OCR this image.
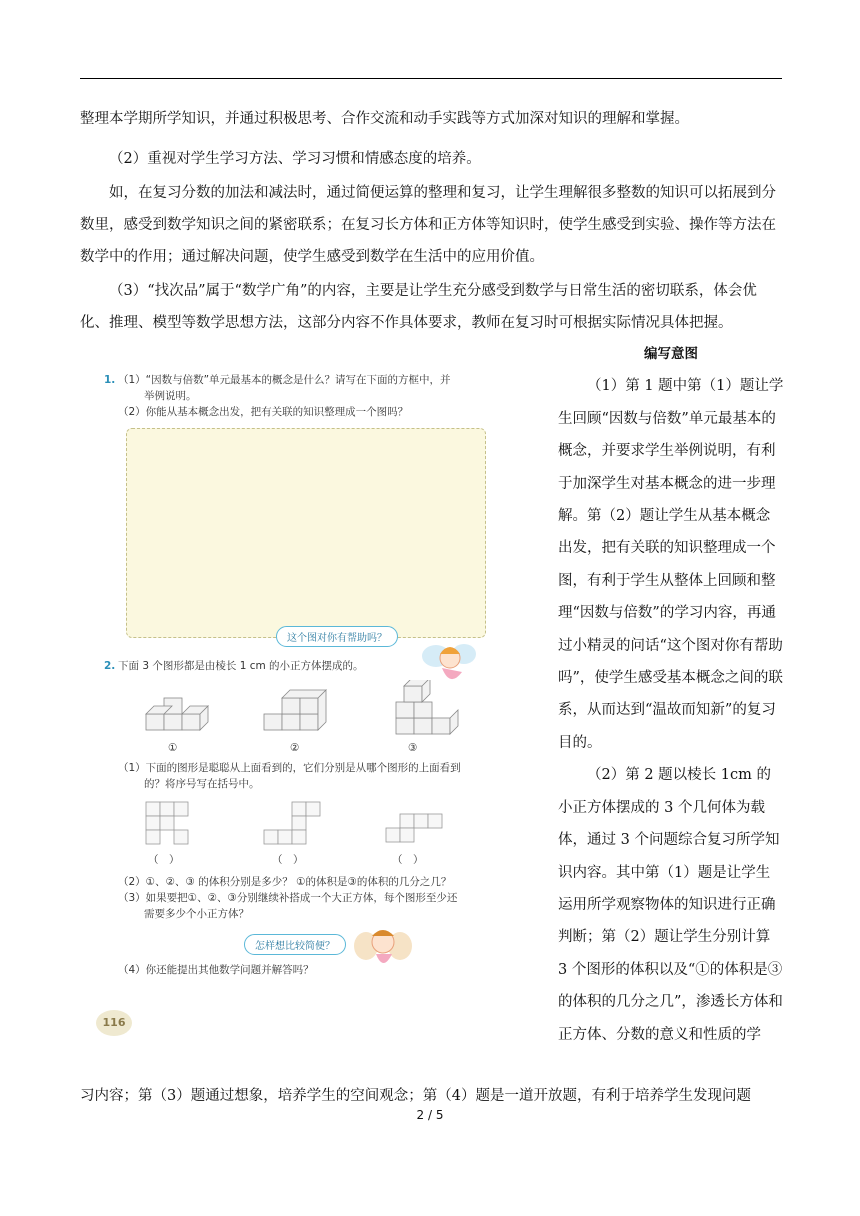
整理本学期所学知识，并通过积极思考、合作交流和动手实践等方式加深对知识的理解和掌握。

（2）重视对学生学习方法、学习习惯和情感态度的培养。

如，在复习分数的加法和减法时，通过简便运算的整理和复习，让学生理解很多整数的知识可以拓展到分数里，感受到数学知识之间的紧密联系；在复习长方体和正方体等知识时，使学生感受到实验、操作等方法在数学中的作用；通过解决问题，使学生感受到数学在生活中的应用价值。

（3）“找次品”属于“数学广角”的内容，主要是让学生充分感受到数学与日常生活的密切联系，体会优化、推理、模型等数学思想方法，这部分内容不作具体要求，教师在复习时可根据实际情况具体把握。

1. （1）“因数与倍数”单元最基本的概念是什么？请写在下面的方框中，并
举例说明。
（2）你能从基本概念出发，把有关联的知识整理成一个图吗？
这个图对你有帮助吗？
2. 下面 3 个图形都是由棱长 1 cm 的小正方体摆成的。
①	②	③
（1）下面的图形是聪聪从上面看到的，它们分别是从哪个图形的上面看到
的？将序号写在括号中。
（　）	（　）	（　）
（2）①、②、③ 的体积分别是多少？ ①的体积是③的体积的几分之几？
（3）如果要把①、②、③分别继续补搭成一个大正方体，每个图形至少还
需要多少个小正方体？
怎样想比较简便？
（4）你还能提出其他数学问题并解答吗？
116
编写意图

（1）第 1 题中第（1）题让学生回顾“因数与倍数”单元最基本的概念，并要求学生举例说明，有利于加深学生对基本概念的进一步理解。第（2）题让学生从基本概念出发，把有关联的知识整理成一个图，有利于学生从整体上回顾和整理“因数与倍数”的学习内容，再通过小精灵的问话“这个图对你有帮助吗”，使学生感受基本概念之间的联系，从而达到“温故而知新”的复习目的。

（2）第 2 题以棱长 1cm 的小正方体摆成的 3 个几何体为载体，通过 3 个问题综合复习所学知识内容。其中第（1）题是让学生运用所学观察物体的知识进行正确判断；第（2）题让学生分别计算 3 个图形的体积以及“①的体积是③的体积的几分之几”，渗透长方体和正方体、分数的意义和性质的学

习内容；第（3）题通过想象，培养学生的空间观念；第（4）题是一道开放题，有利于培养学生发现问题

2 / 5
